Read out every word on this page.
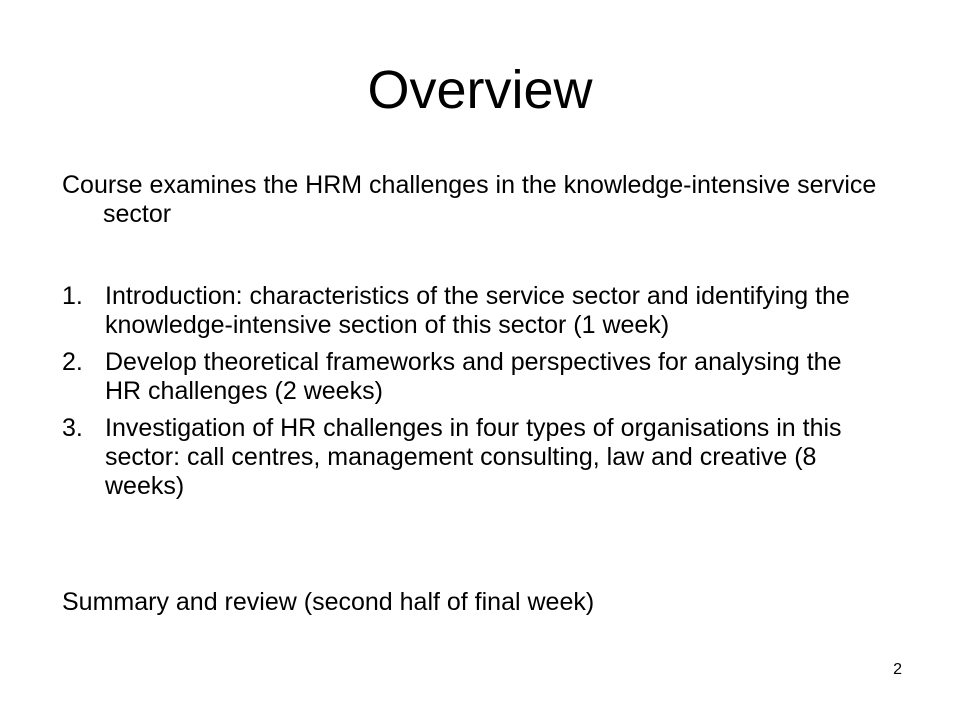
Overview

Course examines the HRM challenges in the knowledge-intensive service sector

1. Introduction: characteristics of the service sector and identifying the knowledge-intensive section of this sector (1 week)
2. Develop theoretical frameworks and perspectives for analysing the HR challenges (2 weeks)
3. Investigation of HR challenges in four types of organisations in this sector: call centres, management consulting, law and creative (8 weeks)

Summary and review (second half of final week)

2
